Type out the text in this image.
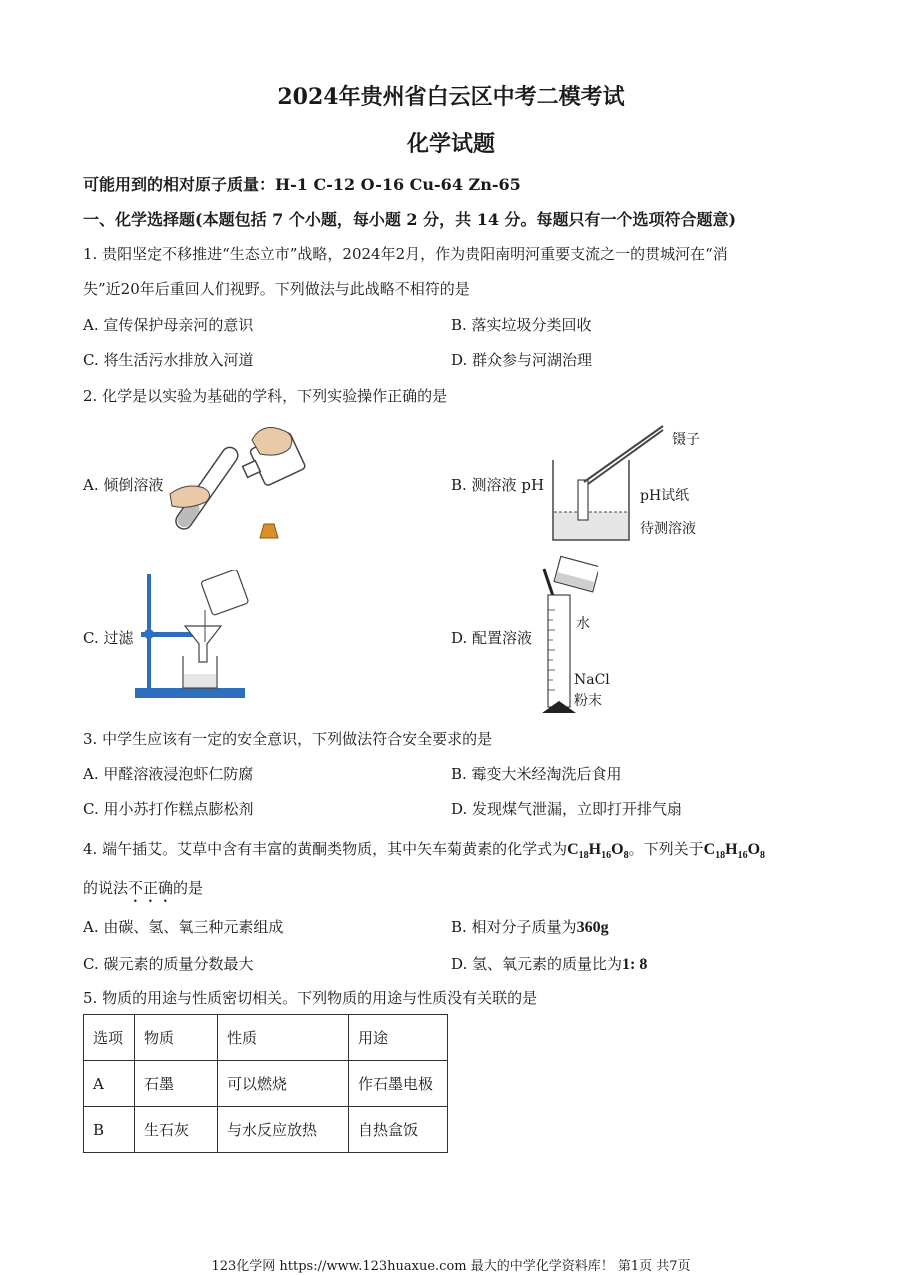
2024年贵州省白云区中考二模考试
化学试题
可能用到的相对原子质量：H-1 C-12 O-16 Cu-64 Zn-65
一、化学选择题(本题包括 7 个小题，每小题 2 分，共 14 分。每题只有一个选项符合题意)
1. 贵阳坚定不移推进“生态立市”战略，2024年2月，作为贵阳南明河重要支流之一的贯城河在“消
失”近20年后重回人们视野。下列做法与此战略不相符的是
A. 宣传保护母亲河的意识	B. 落实垃圾分类回收
C. 将生活污水排放入河道	D. 群众参与河湖治理
2. 化学是以实验为基础的学科，下列实验操作正确的是
A. 倾倒溶液	B. 测溶液 pH
镊子
pH试纸
待测溶液
C. 过滤	D. 配置溶液
水
NaCl
粉末
3. 中学生应该有一定的安全意识，下列做法符合安全要求的是
A. 甲醛溶液浸泡虾仁防腐	B. 霉变大米经淘洗后食用
C. 用小苏打作糕点膨松剂	D. 发现煤气泄漏，立即打开排气扇
4. 端午插艾。艾草中含有丰富的黄酮类物质，其中矢车菊黄素的化学式为$C_{18}H_{16}O_8$。下列关于$C_{18}H_{16}O_8$
的说法不正确的是
A. 由碳、氢、氧三种元素组成	B. 相对分子质量为360g
C. 碳元素的质量分数最大	D. 氢、氧元素的质量比为1: 8
5. 物质的用途与性质密切相关。下列物质的用途与性质没有关联的是
选项	物质	性质	用途
A	石墨	可以燃烧	作石墨电极
B	生石灰	与水反应放热	自热盒饭
123化学网 https://www.123huaxue.com 最大的中学化学资料库！ 第1页 共7页
